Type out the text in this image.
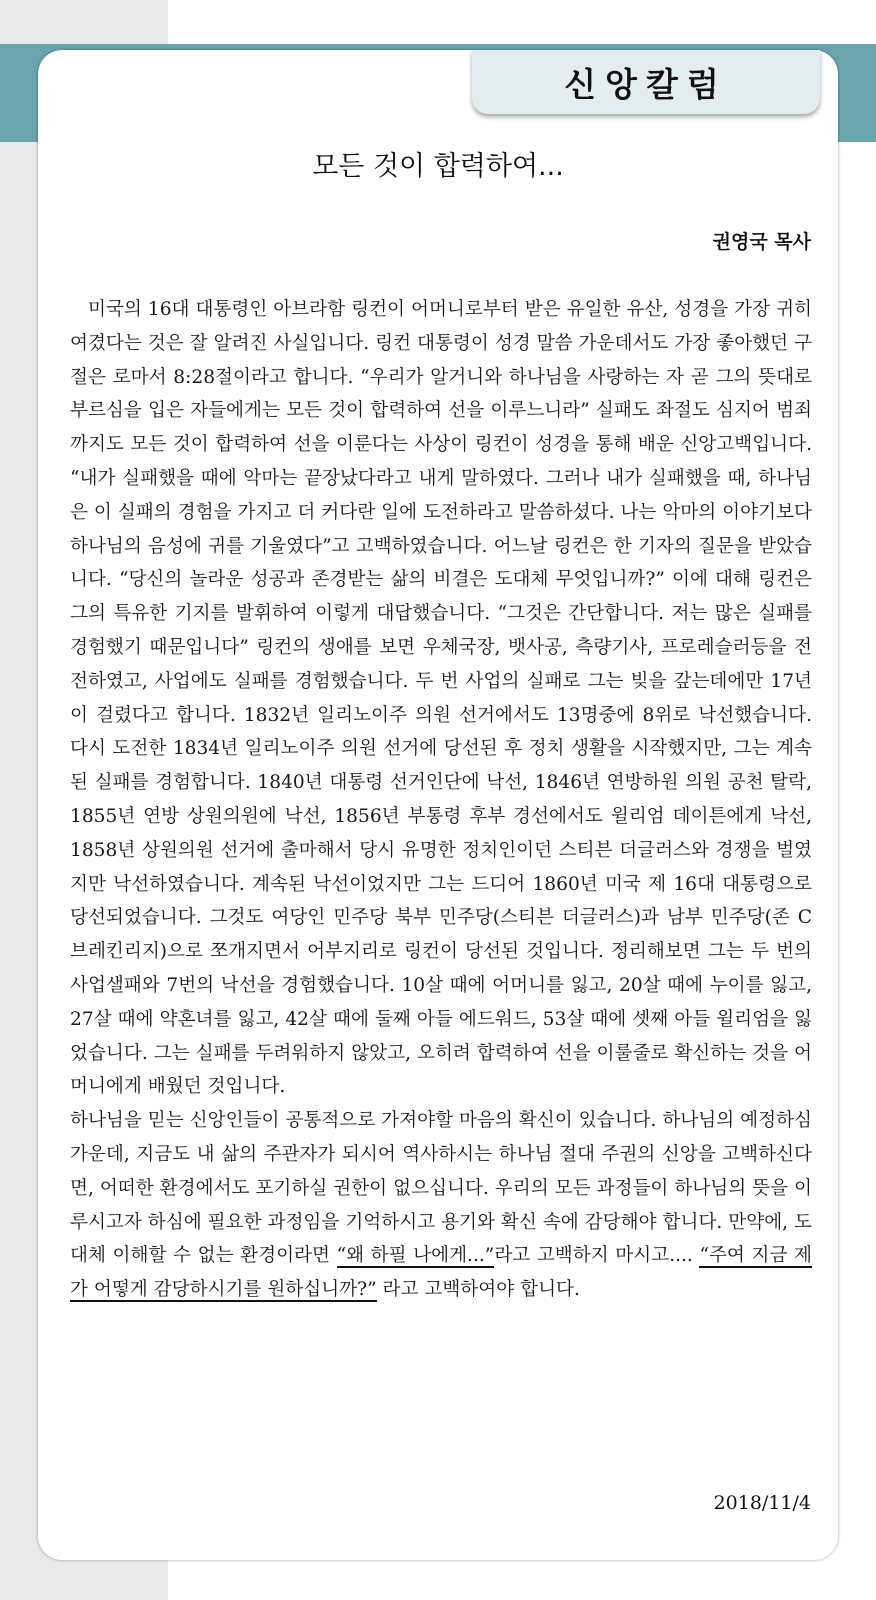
신앙칼럼
모든 것이 합력하여...
권영국 목사

미국의 16대 대통령인 아브라함 링컨이 어머니로부터 받은 유일한 유산, 성경을 가장 귀히 여겼다는 것은 잘 알려진 사실입니다. 링컨 대통령이 성경 말씀 가운데서도 가장 좋아했던 구절은 로마서 8:28절이라고 합니다. “우리가 알거니와 하나님을 사랑하는 자 곧 그의 뜻대로 부르심을 입은 자들에게는 모든 것이 합력하여 선을 이루느니라” 실패도 좌절도 심지어 범죄까지도 모든 것이 합력하여 선을 이룬다는 사상이 링컨이 성경을 통해 배운 신앙고백입니다. “내가 실패했을 때에 악마는 끝장났다라고 내게 말하였다. 그러나 내가 실패했을 때, 하나님은 이 실패의 경험을 가지고 더 커다란 일에 도전하라고 말씀하셨다. 나는 악마의 이야기보다 하나님의 음성에 귀를 기울였다”고 고백하였습니다. 어느날 링컨은 한 기자의 질문을 받았습니다. “당신의 놀라운 성공과 존경받는 삶의 비결은 도대체 무엇입니까?” 이에 대해 링컨은 그의 특유한 기지를 발휘하여 이렇게 대답했습니다. “그것은 간단합니다. 저는 많은 실패를 경험했기 때문입니다” 링컨의 생애를 보면 우체국장, 뱃사공, 측량기사, 프로레슬러등을 전전하였고, 사업에도 실패를 경험했습니다. 두 번 사업의 실패로 그는 빚을 갚는데에만 17년이 걸렸다고 합니다. 1832년 일리노이주 의원 선거에서도 13명중에 8위로 낙선했습니다. 다시 도전한 1834년 일리노이주 의원 선거에 당선된 후 정치 생활을 시작했지만, 그는 계속된 실패를 경험합니다. 1840년 대통령 선거인단에 낙선, 1846년 연방하원 의원 공천 탈락, 1855년 연방 상원의원에 낙선, 1856년 부통령 후부 경선에서도 윌리엄 데이튼에게 낙선, 1858년 상원의원 선거에 출마해서 당시 유명한 정치인이던 스티븐 더글러스와 경쟁을 벌였지만 낙선하였습니다. 계속된 낙선이었지만 그는 드디어 1860년 미국 제 16대 대통령으로 당선되었습니다. 그것도 여당인 민주당 북부 민주당(스티븐 더글러스)과 남부 민주당(존 C 브레킨리지)으로 쪼개지면서 어부지리로 링컨이 당선된 것입니다. 정리해보면 그는 두 번의 사업샐패와 7번의 낙선을 경험했습니다. 10살 때에 어머니를 잃고, 20살 때에 누이를 잃고, 27살 때에 약혼녀를 잃고, 42살 때에 둘째 아들 에드워드, 53살 때에 셋째 아들 윌리엄을 잃었습니다. 그는 실패를 두려워하지 않았고, 오히려 합력하여 선을 이룰줄로 확신하는 것을 어머니에게 배웠던 것입니다.

하나님을 믿는 신앙인들이 공통적으로 가져야할 마음의 확신이 있습니다. 하나님의 예정하심 가운데, 지금도 내 삶의 주관자가 되시어 역사하시는 하나님 절대 주권의 신앙을 고백하신다면, 어떠한 환경에서도 포기하실 권한이 없으십니다. 우리의 모든 과정들이 하나님의 뜻을 이루시고자 하심에 필요한 과정임을 기억하시고 용기와 확신 속에 감당해야 합니다. 만약에, 도대체 이해할 수 없는 환경이라면 “왜 하필 나에게...”라고 고백하지 마시고.... “주여 지금 제가 어떻게 감당하시기를 원하십니까?” 라고 고백하여야 합니다.

2018/11/4
